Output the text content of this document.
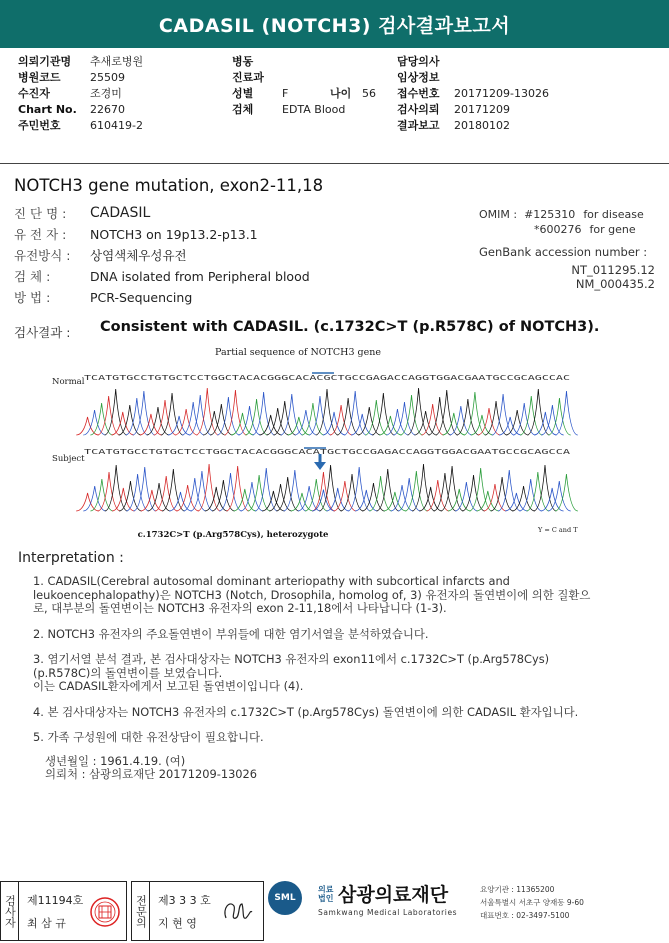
CADASIL (NOTCH3) 검사결과보고서
의뢰기관명	추새로병원
병원코드	25509
수진자	조경미
Chart No.	22670
주민번호	610419-2
병동
진료과
성별	F	나이 56
검체	EDTA Blood
담당의사
임상정보
접수번호	20171209-13026
검사의뢰	20171209
결과보고	20180102
NOTCH3 gene mutation, exon2-11,18
진 단 명 :	CADASIL
유 전 자 :	NOTCH3 on 19p13.2-p13.1
유전방식 :	상염색체우성유전
검 체 :	DNA isolated from Peripheral blood
방 법 :	PCR-Sequencing
OMIM : #125310 for disease
*600276 for gene
GenBank accession number :
NT_011295.12
NM_000435.2
검사결과 : Consistent with CADASIL. (c.1732C>T (p.R578C) of NOTCH3).
Partial sequence of NOTCH3 gene
Normal
Subject
TCATGTGCCTGTGCTCCTGGCTACACGGGCACACGCTGCCGAGACCAGGTGGACGAATGCCGCAGCCAC
TCATGTGCCTGTGCTCCTGGCTACACGGGCACATGCTGCCGAGACCAGGTGGACGAATGCCGCAGCCA
c.1732C>T (p.Arg578Cys), heterozygote	Y = C and T
Interpretation :

1. CADASIL(Cerebral autosomal dominant arteriopathy with subcortical infarcts and
leukoencephalopathy)은 NOTCH3 (Notch, Drosophila, homolog of, 3) 유전자의 돌연변이에 의한 질환으
로, 대부분의 돌연변이는 NOTCH3 유전자의 exon 2-11,18에서 나타납니다 (1-3).

2. NOTCH3 유전자의 주요돌연변이 부위들에 대한 염기서열을 분석하였습니다.

3. 염기서열 분석 결과, 본 검사대상자는 NOTCH3 유전자의 exon11에서 c.1732C>T (p.Arg578Cys)
(p.R578C)의 돌연변이를 보였습니다.
이는 CADASIL환자에게서 보고된 돌연변이입니다 (4).

4. 본 검사대상자는 NOTCH3 유전자의 c.1732C>T (p.Arg578Cys) 돌연변이에 의한 CADASIL 환자입니다.

5. 가족 구성원에 대한 유전상담이 필요합니다.

생년월일 : 1961.4.19. (여)
의뢰처 : 삼광의료재단 20171209-13026
검사자 제11194호
최 삼 규	전문의 제3 3 3 호
지 현 영
SML
의료
법인 삼광의료재단
Samkwang Medical Laboratories
요양기관 : 11365200
서울특별시 서초구 양재동 9-60
대표번호 : 02-3497-5100
